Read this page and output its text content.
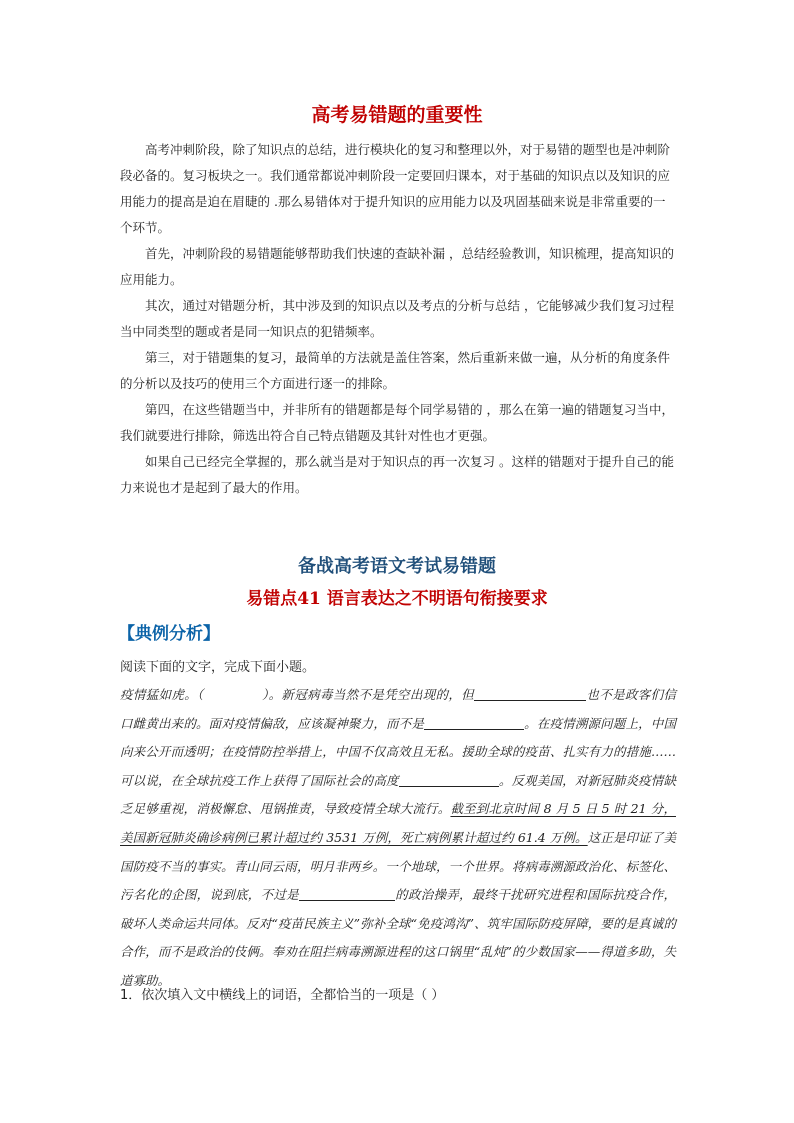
高考易错题的重要性

高考冲刺阶段，除了知识点的总结，进行模块化的复习和整理以外，对于易错的题型也是冲刺阶段必备的。复习板块之一。我们通常都说冲刺阶段一定要回归课本，对于基础的知识点以及知识的应用能力的提高是迫在眉睫的 .那么易错体对于提升知识的应用能力以及巩固基础来说是非常重要的一个环节。

首先，冲刺阶段的易错题能够帮助我们快速的查缺补漏 ，总结经验教训，知识梳理，提高知识的应用能力。

其次，通过对错题分析，其中涉及到的知识点以及考点的分析与总结 ，它能够减少我们复习过程当中同类型的题或者是同一知识点的犯错频率。

第三，对于错题集的复习，最简单的方法就是盖住答案，然后重新来做一遍，从分析的角度条件的分析以及技巧的使用三个方面进行逐一的排除。

第四，在这些错题当中，并非所有的错题都是每个同学易错的 ，那么在第一遍的错题复习当中，我们就要进行排除，筛选出符合自己特点错题及其针对性也才更强。

如果自己已经完全掌握的，那么就当是对于知识点的再一次复习 。这样的错题对于提升自己的能力来说也才是起到了最大的作用。

备战高考语文考试易错题
易错点41 语言表达之不明语句衔接要求
【典例分析】
阅读下面的文字，完成下面小题。
疫情猛如虎。（	）。新冠病毒当然不是凭空出现的，但	也不是政客们信口雌黄出来的。面对疫情偏敌，应该凝神聚力，而不是	。在疫情溯源问题上，中国向来公开而透明；在疫情防控举措上，中国不仅高效且无私。援助全球的疫苗、扎实有力的措施……可以说，在全球抗疫工作上获得了国际社会的高度	。反观美国，对新冠肺炎疫情缺乏足够重视，消极懈怠、甩锅推责，导致疫情全球大流行。截至到北京时间 8 月 5 日 5 时 21 分，美国新冠肺炎确诊病例已累计超过约 3531 万例，死亡病例累计超过约 61.4 万例。这正是印证了美国防疫不当的事实。青山同云雨，明月非两乡。一个地球，一个世界。将病毒溯源政治化、标签化、污名化的企图，说到底，不过是	的政治操弄，最终干扰研究进程和国际抗疫合作，破坏人类命运共同体。反对“疫苗民族主义”弥补全球“免疫鸿沟”、筑牢国际防疫屏障，要的是真诚的合作，而不是政治的伎俩。奉劝在阻拦病毒溯源进程的这口锅里“乱炖”的少数国家——得道多助，失道寡助。
1．依次填入文中横线上的词语，全都恰当的一项是（ ）
